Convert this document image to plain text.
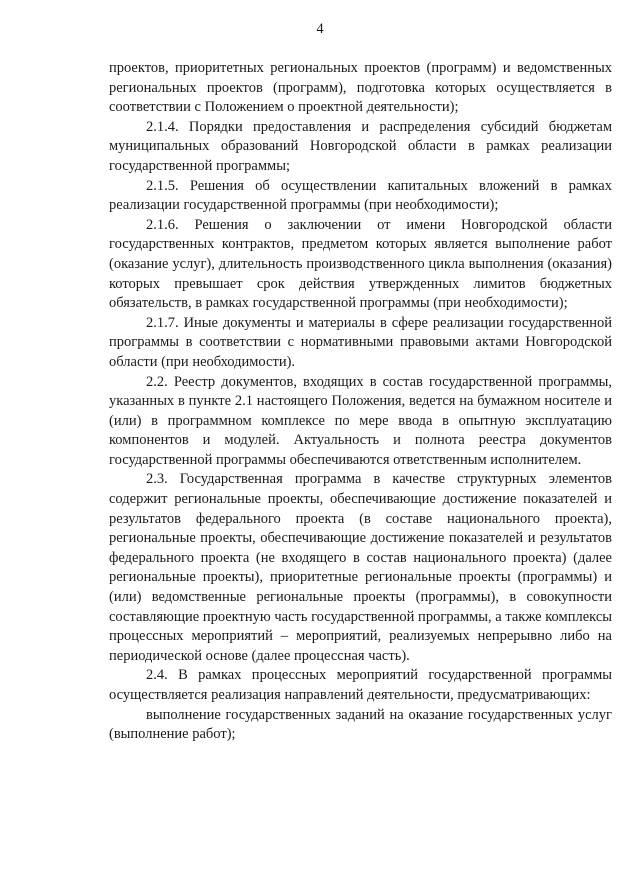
4

проектов, приоритетных региональных проектов (программ) и ведомственных региональных проектов (программ), подготовка которых осуществляется в соответствии с Положением о проектной деятельности);

2.1.4. Порядки предоставления и распределения субсидий бюджетам муниципальных образований Новгородской области в рамках реализации государственной программы;

2.1.5. Решения об осуществлении капитальных вложений в рамках реализации государственной программы (при необходимости);

2.1.6. Решения о заключении от имени Новгородской области государственных контрактов, предметом которых является выполнение работ (оказание услуг), длительность производственного цикла выполнения (оказания) которых превышает срок действия утвержденных лимитов бюджетных обязательств, в рамках государственной программы (при необходимости);

2.1.7. Иные документы и материалы в сфере реализации государственной программы в соответствии с нормативными правовыми актами Новгородской области (при необходимости).

2.2. Реестр документов, входящих в состав государственной программы, указанных в пункте 2.1 настоящего Положения, ведется на бумажном носителе и (или) в программном комплексе по мере ввода в опытную эксплуатацию компонентов и модулей. Актуальность и полнота реестра документов государственной программы обеспечиваются ответственным исполнителем.

2.3. Государственная программа в качестве структурных элементов содержит региональные проекты, обеспечивающие достижение показателей и результатов федерального проекта (в составе национального проекта), региональные проекты, обеспечивающие достижение показателей и результатов федерального проекта (не входящего в состав национального проекта) (далее региональные проекты), приоритетные региональные проекты (программы) и (или) ведомственные региональные проекты (программы), в совокупности составляющие проектную часть государственной программы, а также комплексы процессных мероприятий – мероприятий, реализуемых непрерывно либо на периодической основе (далее процессная часть).

2.4. В рамках процессных мероприятий государственной программы осуществляется реализация направлений деятельности, предусматривающих:

выполнение государственных заданий на оказание государственных услуг (выполнение работ);
